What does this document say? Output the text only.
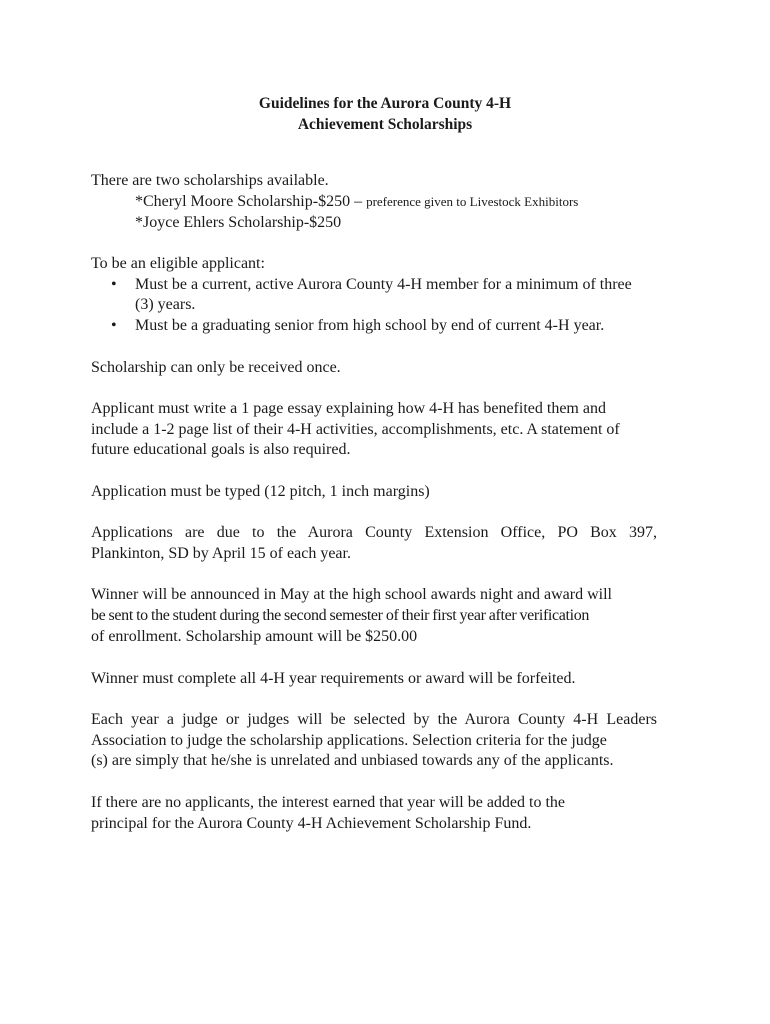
Guidelines for the Aurora County 4-H
Achievement Scholarships
There are two scholarships available.
*Cheryl Moore Scholarship-$250 – preference given to Livestock Exhibitors
*Joyce Ehlers Scholarship-$250
To be an eligible applicant:
• Must be a current, active Aurora County 4-H member for a minimum of three
(3) years.
• Must be a graduating senior from high school by end of current 4-H year.
Scholarship can only be received once.
Applicant must write a 1 page essay explaining how 4-H has benefited them and
include a 1-2 page list of their 4-H activities, accomplishments, etc. A statement of
future educational goals is also required.
Application must be typed (12 pitch, 1 inch margins)
Applications are due to the Aurora County Extension Office, PO Box 397,
Plankinton, SD by April 15 of each year.
Winner will be announced in May at the high school awards night and award will
be sent to the student during the second semester of their first year after verification
of enrollment. Scholarship amount will be $250.00
Winner must complete all 4-H year requirements or award will be forfeited.
Each year a judge or judges will be selected by the Aurora County 4-H Leaders
Association to judge the scholarship applications. Selection criteria for the judge
(s) are simply that he/she is unrelated and unbiased towards any of the applicants.
If there are no applicants, the interest earned that year will be added to the
principal for the Aurora County 4-H Achievement Scholarship Fund.
